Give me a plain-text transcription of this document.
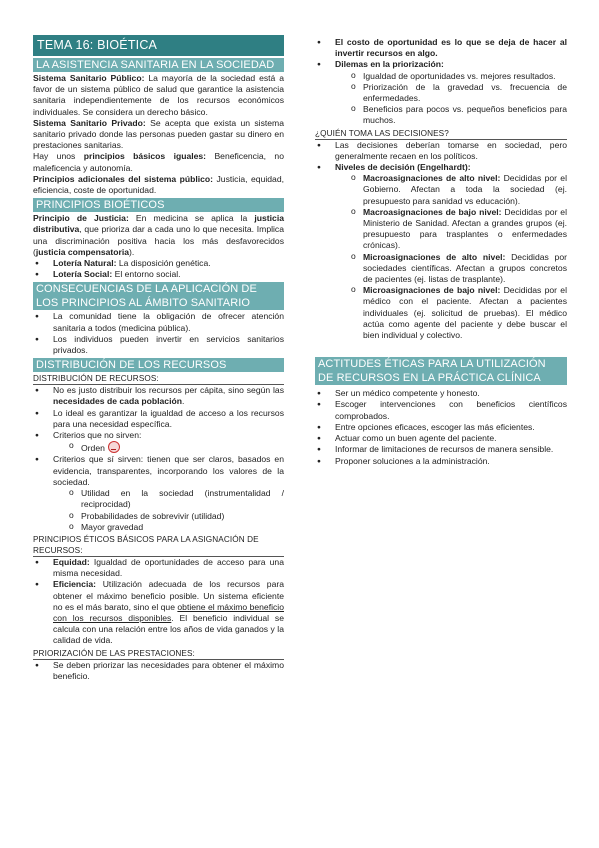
TEMA 16: BIOÉTICA
LA ASISTENCIA SANITARIA EN LA SOCIEDAD

Sistema Sanitario Público: La mayoría de la sociedad está a favor de un sistema público de salud que garantice la asistencia sanitaria independientemente de los recursos económicos individuales. Se considera un derecho básico.

Sistema Sanitario Privado: Se acepta que exista un sistema sanitario privado donde las personas pueden gastar su dinero en prestaciones sanitarias.

Hay unos principios básicos iguales: Beneficencia, no maleficencia y autonomía.

Principios adicionales del sistema público: Justicia, equidad, eficiencia, coste de oportunidad.

PRINCIPIOS BIOÉTICOS

Principio de Justicia: En medicina se aplica la justicia distributiva, que prioriza dar a cada uno lo que necesita. Implica una discriminación positiva hacia los más desfavorecidos (justicia compensatoria).

● Lotería Natural: La disposición genética.
● Lotería Social: El entorno social.
CONSECUENCIAS DE LA APLICACIÓN DE LOS PRINCIPIOS AL ÁMBITO SANITARIO
● La comunidad tiene la obligación de ofrecer atención sanitaria a todos (medicina pública).
● Los individuos pueden invertir en servicios sanitarios privados.
DISTRIBUCIÓN DE LOS RECURSOS
DISTRIBUCIÓN DE RECURSOS:
● No es justo distribuir los recursos per cápita, sino según las necesidades de cada población.
● Lo ideal es garantizar la igualdad de acceso a los recursos para una necesidad específica.
● Criterios que no sirven:
o Orden
● Criterios que sí sirven: tienen que ser claros, basados en evidencia, transparentes, incorporando los valores de la sociedad.
o Utilidad en la sociedad (instrumentalidad / reciprocidad)
o Probabilidades de sobrevivir (utilidad)
o Mayor gravedad
PRINCIPIOS ÉTICOS BÁSICOS PARA LA ASIGNACIÓN DE RECURSOS:
● Equidad: Igualdad de oportunidades de acceso para una misma necesidad.
● Eficiencia: Utilización adecuada de los recursos para obtener el máximo beneficio posible. Un sistema eficiente no es el más barato, sino el que obtiene el máximo beneficio con los recursos disponibles. El beneficio individual se calcula con una relación entre los años de vida ganados y la calidad de vida.
PRIORIZACIÓN DE LAS PRESTACIONES:
● Se deben priorizar las necesidades para obtener el máximo beneficio.
● El costo de oportunidad es lo que se deja de hacer al invertir recursos en algo.
● Dilemas en la priorización:
o Igualdad de oportunidades vs. mejores resultados.
o Priorización de la gravedad vs. frecuencia de enfermedades.
o Beneficios para pocos vs. pequeños beneficios para muchos.
¿QUIÉN TOMA LAS DECISIONES?
● Las decisiones deberían tomarse en sociedad, pero generalmente recaen en los políticos.
● Niveles de decisión (Engelhardt):
o Macroasignaciones de alto nivel: Decididas por el Gobierno. Afectan a toda la sociedad (ej. presupuesto para sanidad vs educación).
o Macroasignaciones de bajo nivel: Decididas por el Ministerio de Sanidad. Afectan a grandes grupos (ej. presupuesto para trasplantes o enfermedades crónicas).
o Microasignaciones de alto nivel: Decididas por sociedades científicas. Afectan a grupos concretos de pacientes (ej. listas de trasplante).
o Microasignaciones de bajo nivel: Decididas por el médico con el paciente. Afectan a pacientes individuales (ej. solicitud de pruebas). El médico actúa como agente del paciente y debe buscar el bien individual y colectivo.
ACTITUDES ÉTICAS PARA LA UTILIZACIÓN DE RECURSOS EN LA PRÁCTICA CLÍNICA
● Ser un médico competente y honesto.
● Escoger intervenciones con beneficios científicos comprobados.
● Entre opciones eficaces, escoger las más eficientes.
● Actuar como un buen agente del paciente.
● Informar de limitaciones de recursos de manera sensible.
● Proponer soluciones a la administración.
